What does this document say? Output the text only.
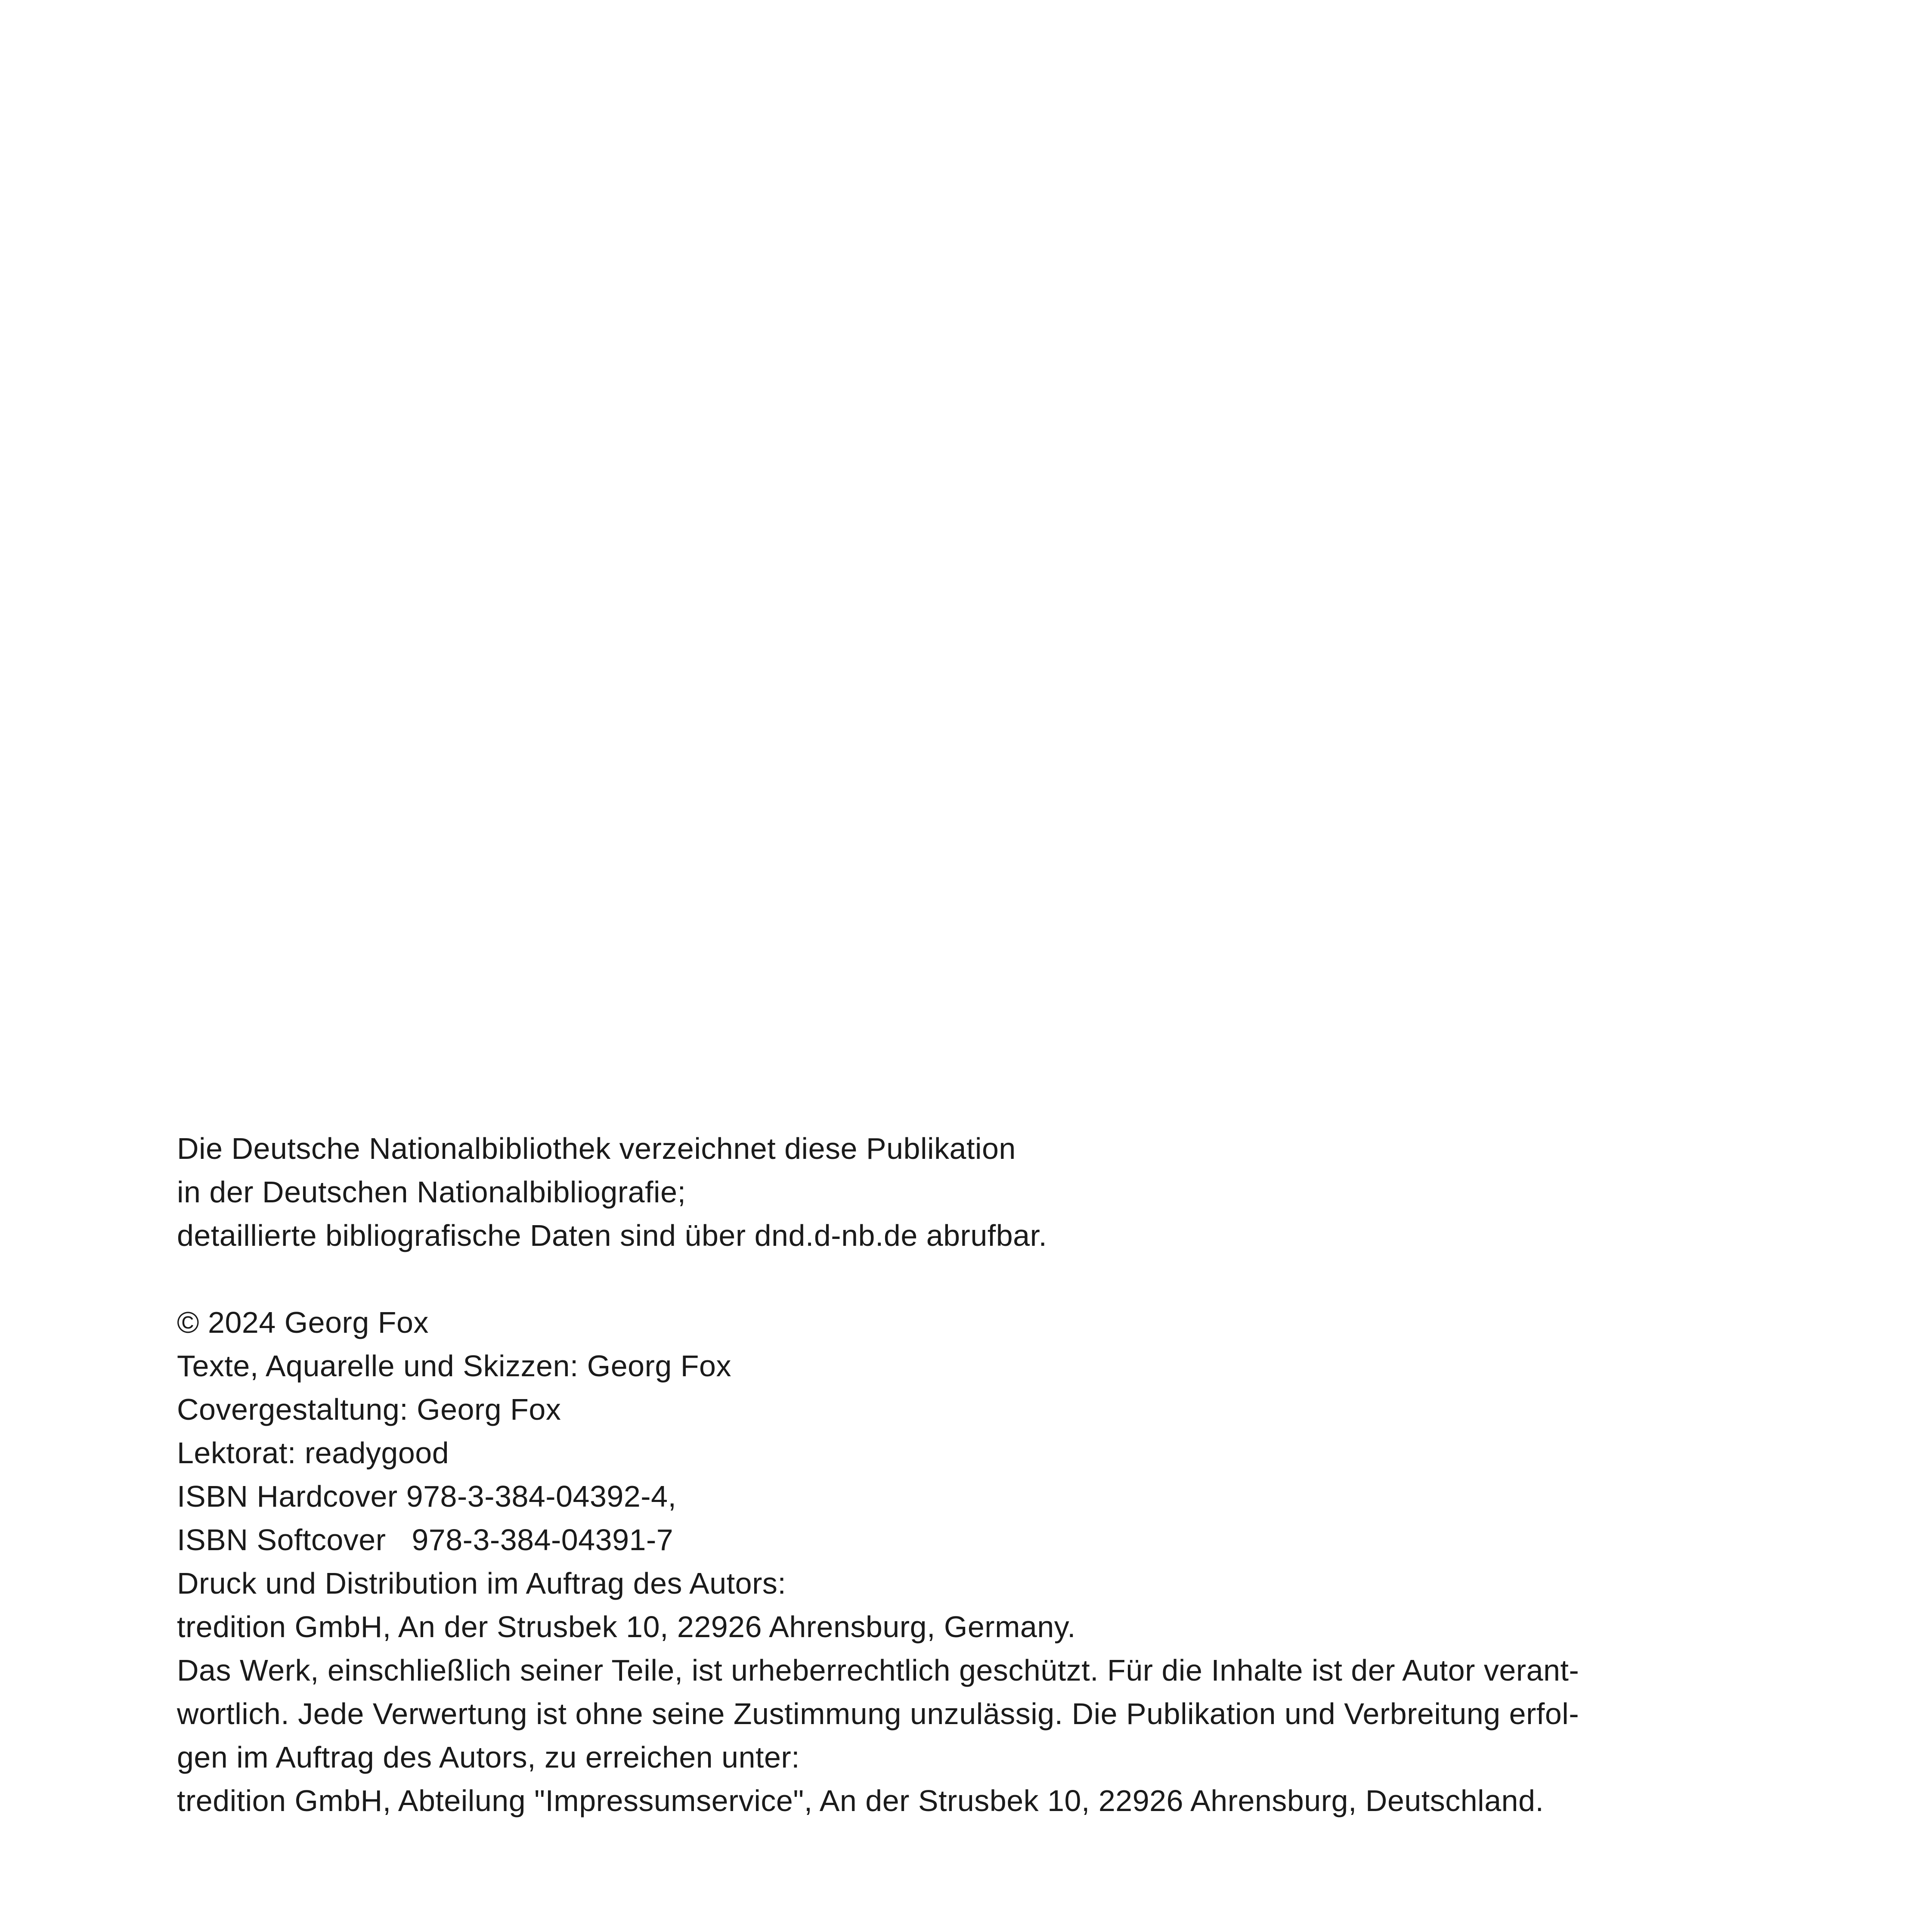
Die Deutsche Nationalbibliothek verzeichnet diese Publikation
in der Deutschen Nationalbibliografie;
detaillierte bibliografische Daten sind über dnd.d-nb.de abrufbar.
© 2024 Georg Fox
Texte, Aquarelle und Skizzen: Georg Fox
Covergestaltung: Georg Fox
Lektorat: readygood
ISBN Hardcover 978-3-384-04392-4,
ISBN Softcover   978-3-384-04391-7
Druck und Distribution im Auftrag des Autors:
tredition GmbH, An der Strusbek 10, 22926 Ahrensburg, Germany.
Das Werk, einschließlich seiner Teile, ist urheberrechtlich geschützt. Für die Inhalte ist der Autor verant-
wortlich. Jede Verwertung ist ohne seine Zustimmung unzulässig. Die Publikation und Verbreitung erfol-
gen im Auftrag des Autors, zu erreichen unter:
tredition GmbH, Abteilung "Impressumservice", An der Strusbek 10, 22926 Ahrensburg, Deutschland.
